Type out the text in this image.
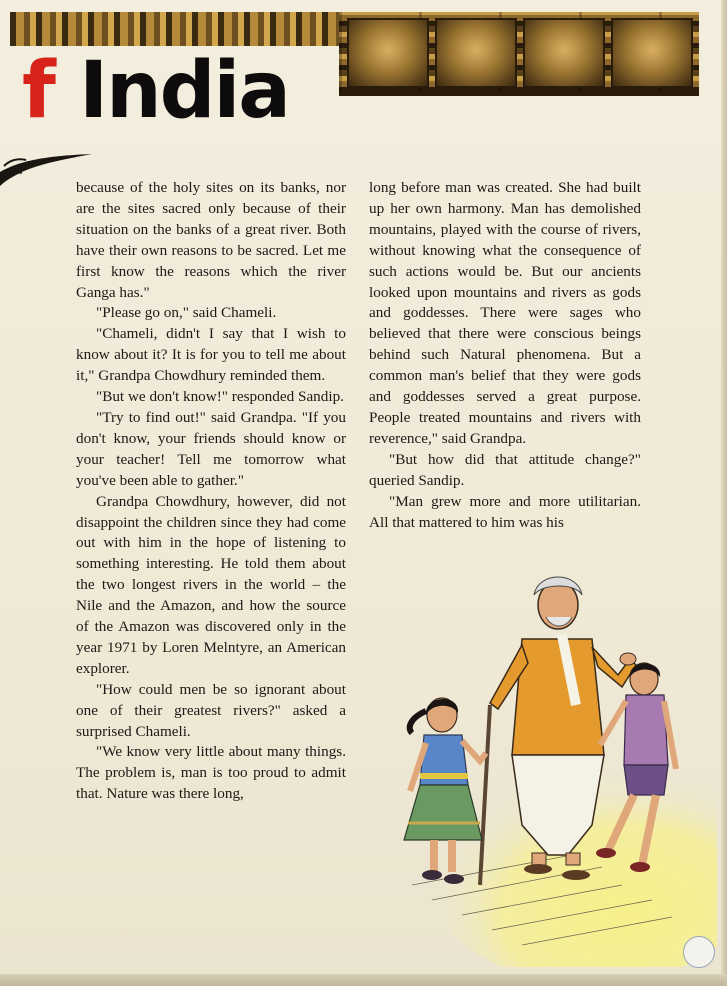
f India

because of the holy sites on its banks, nor are the sites sacred only because of their situation on the banks of a great river. Both have their own reasons to be sacred. Let me first know the reasons which the river Ganga has."

"Please go on," said Chameli.

"Chameli, didn't I say that I wish to know about it? It is for you to tell me about it," Grandpa Chowdhury reminded them.

"But we don't know!" responded Sandip.

"Try to find out!" said Grandpa. "If you don't know, your friends should know or your teacher! Tell me tomorrow what you've been able to gather."

Grandpa Chowdhury, however, did not disappoint the children since they had come out with him in the hope of listening to something interesting. He told them about the two longest rivers in the world – the Nile and the Amazon, and how the source of the Amazon was discovered only in the year 1971 by Loren Melntyre, an American explorer.

"How could men be so ignorant about one of their greatest rivers?" asked a surprised Chameli.

"We know very little about many things. The problem is, man is too proud to admit that. Nature was there long,

long before man was created. She had built up her own harmony. Man has demolished mountains, played with the course of rivers, without knowing what the consequence of such actions would be. But our ancients looked upon mountains and rivers as gods and goddesses. There were sages who believed that there were conscious beings behind such Natural phenomena. But a common man's belief that they were gods and goddesses served a great purpose. People treated mountains and rivers with reverence," said Grandpa.

"But how did that attitude change?" queried Sandip.

"Man grew more and more utilitarian. All that mattered to him was his
